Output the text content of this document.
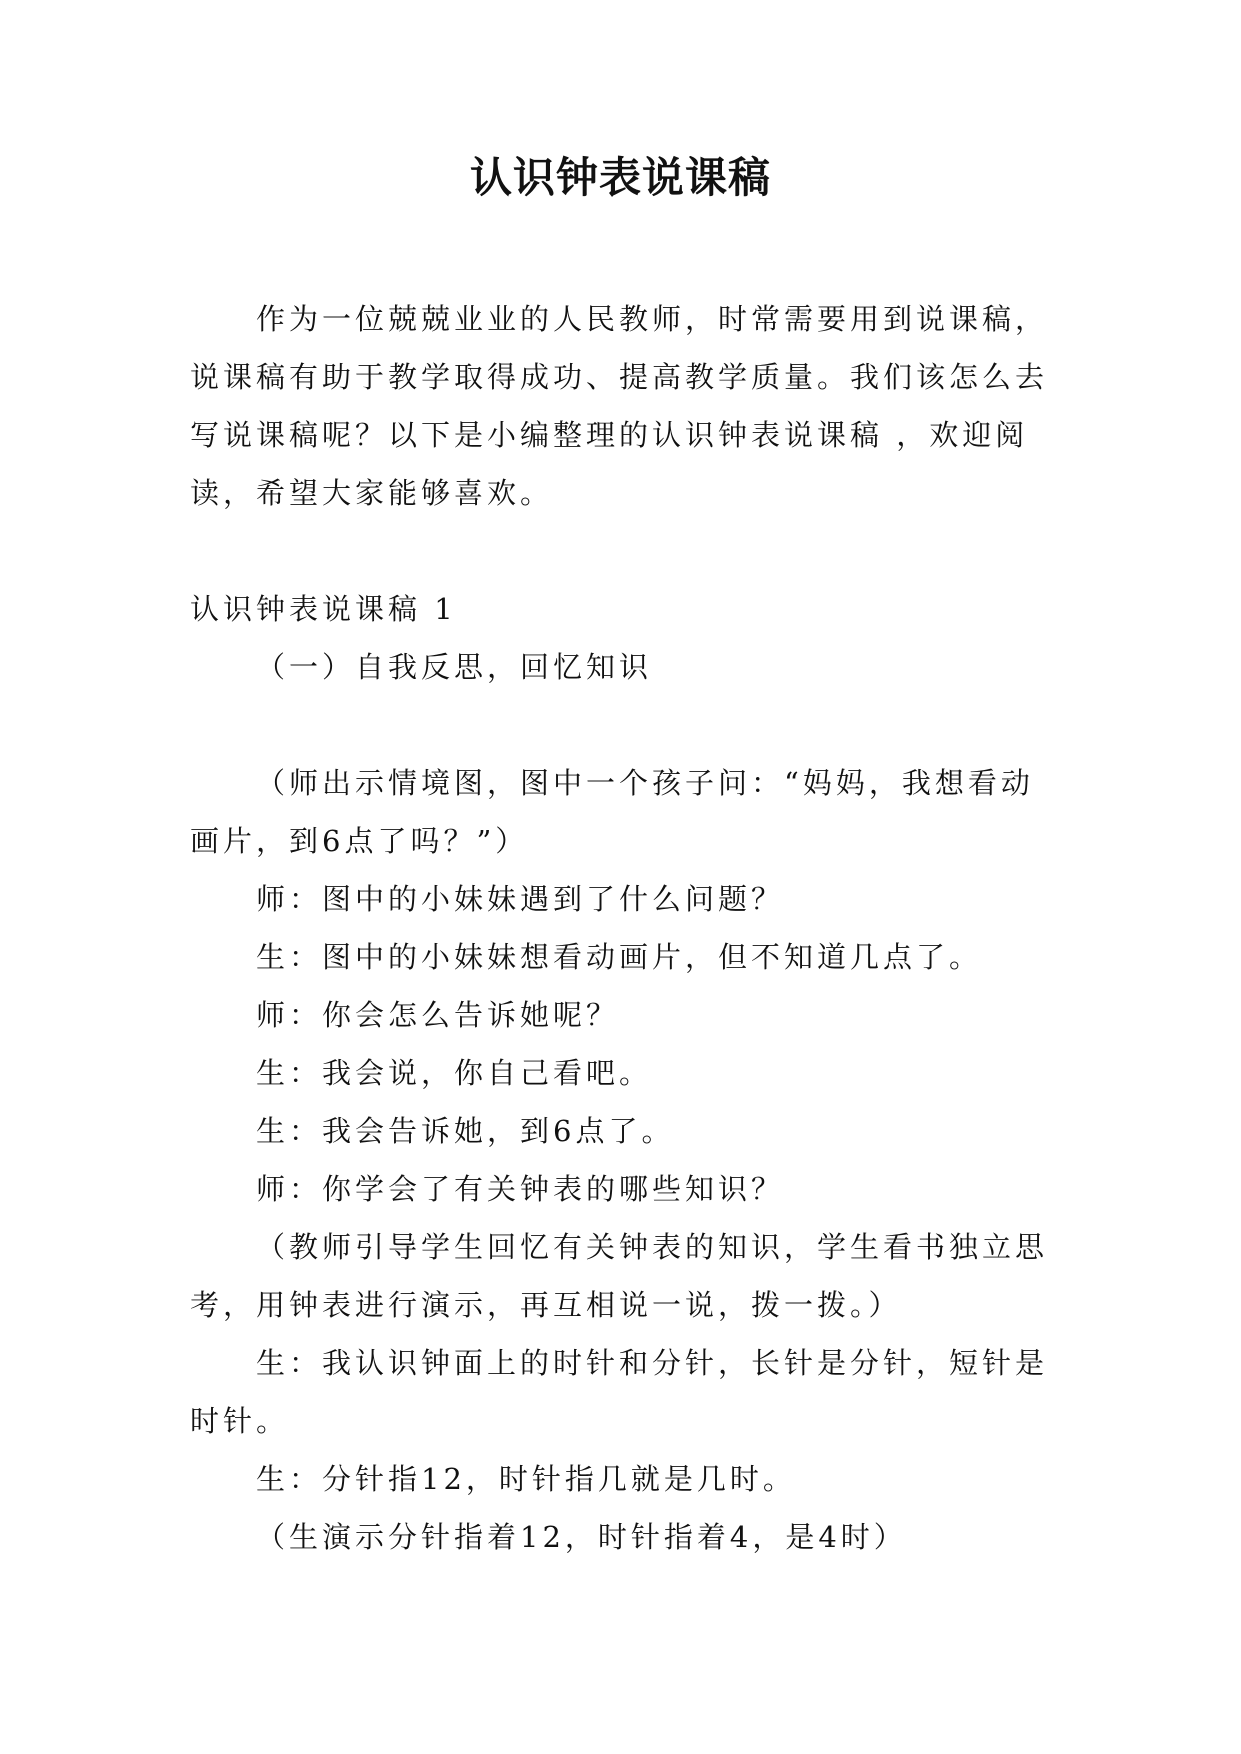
认识钟表说课稿

作为一位兢兢业业的人民教师，时常需要用到说课稿，说课稿有助于教学取得成功、提高教学质量。我们该怎么去写说课稿呢？以下是小编整理的认识钟表说课稿 ，欢迎阅读，希望大家能够喜欢。

认识钟表说课稿 1

（一）自我反思，回忆知识

（师出示情境图，图中一个孩子问：“妈妈，我想看动画片，到6点了吗？”）

师：图中的小妹妹遇到了什么问题？

生：图中的小妹妹想看动画片，但不知道几点了。

师：你会怎么告诉她呢？

生：我会说，你自己看吧。

生：我会告诉她，到6点了。

师：你学会了有关钟表的哪些知识？

（教师引导学生回忆有关钟表的知识，学生看书独立思考，用钟表进行演示，再互相说一说，拨一拨。）

生：我认识钟面上的时针和分针，长针是分针，短针是时针。

生：分针指12，时针指几就是几时。

（生演示分针指着12，时针指着4，是4时）
